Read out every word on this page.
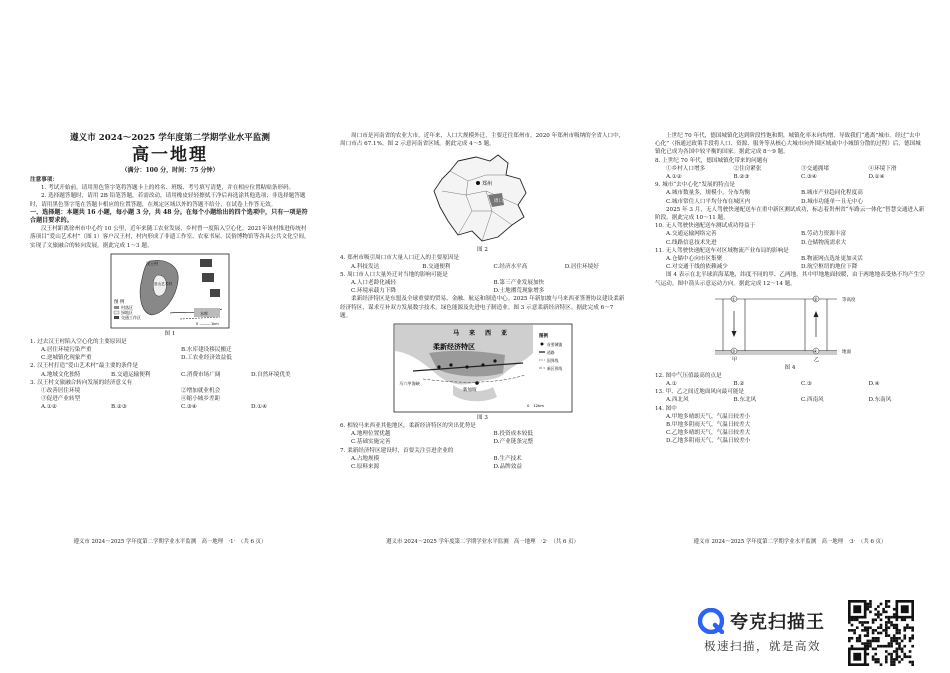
遵义市 2024～2025 学年度第二学期学业水平监测
高一地理
（满分：100 分，时间：75 分钟）

注意事项：

1. 考试开始前，请用黑色签字笔将答题卡上的姓名、班级、考号填写清楚，并在相应位置粘贴条形码。

2. 选择题答题时，请用 2B 铅笔答题，若需改动，请用橡皮轻轻擦拭干净后再选涂其他选项；非选择题答题时，请用黑色签字笔在答题卡相应的位置答题，在规定区域以外的答题不给分，在试卷上作答无效。

一、选择题：本题共 16 小题，每小题 3 分，共 48 分。在每个小题给出的四个选项中，只有一项是符合题目要求的。

汉王村距离徐州市中心约 10 公里，近年来随工农业发展，乡村曾一度陷入空心化。2021年该村推进传统村落项目“爱山艺术村”（图 1）客户汉王村，村内形成了非遗工作室、农家书屋、民俗博物馆等各具公共文化空间，实现了文旅融合的转向发展。据此完成 1～3 题。

图 例
村落区
绿地区
交通工作区
汉王村
水库
爱山艺术村
0 ——— 1km
图 1

1. 过去汉王村陷入空心化的主要原因是

A.居住环境污染严重	B.水库建设移民搬迁
C.逆城镇化现象严重	D.工农业经济效益低

2. 汉王村打造“爱山艺术村”最主要的条件是

A.地域文化独特	B.交通运输便利	C.消费市场广阔	D.自然环境优美

3. 汉王村文旅融合转向发展的经济意义有

①改善居住环境	②增加就业机会
③促进产业转型	④缩小城乡差距
A.①②	B.②③	C.③④	D.①④
遵义市 2024～2025 学年度第二学期学业水平监测　高一地理　·1·　（共 6 页）

周口市是河南省的农业大市，近年来，人口大规模外迁，主要迁往郑州市。2020 年郑州市吸纳的全省人口中，周口市占 67.1%。图 2 示意河南省区域。据此完成 4～5 题。

郑州
周口
图 2

4. 郑州市吸引周口市大量人口迁入的主要原因是

A.科技发达	B.交通便利	C.经济水平高	D.居住环境好

5. 周口市人口大量外迁对当地的影响可能是

A.人口老龄化减轻	B.第三产业发展加快
C.环境承载力下降	D.土地撂荒现象增多

柔新经济特区是东盟及全球重要的贸易、金融、航运和制造中心。2025 年新加坡与马来西亚签署协议建设柔新经济特区，谋求互补双方发展数字技术，绿色能源及先进电子制造业。图 3 示意柔新经济特区。据此完成 6～7 题。

马 来 西 亚
柔新经济特区
马六甲海峡
新加坡
图例
首要城镇
道路
国界线
新区界线
0　12km
图 3

6. 相较马来西亚其他地区，柔新经济特区的突出优势是

A.地理位置优越	B.投资成本较低
C.基础实施完善	D.产业链条完整

7. 柔新经济特区建设时，首要关注引进企业的

A.占地规模	B.生产技术
C.原料来源	D.品牌效益
遵义市 2024～2025 学年度第二学期学业水平监测　高一地理　·2·　（共 6 页）

上世纪 70 年代，德国城镇化达到阶段性饱和期，城镇化率未向均增，导致我们“逃离”城市。经过“去中心化”（指通过政策手段将人口、资源、服务等从核心大城市向外围区域或中小城镇分散的过程）后，德国城镇化已成为各国中较平衡的国家。据此完成 8～9 题。

8. 上世纪 70 年代，德国城镇化带来的问题有

①乡村人口增多	②住房紧张	③交通拥堵	④环境下滑
A.①②	B.②③	C.③④	D.①④

9. 城市“去中心化”发展的特点是

A.城市数量多，规模小，分布均衡	B.城市产业趋同化程度高
C.城市常住人口平均分布在城区内	D.城市功能单一且无中心

2025 年 3 月，无人驾驶快递配送车在重中新区测试成功，标志着贵州省“车路云一体化”智慧交通进入新阶段。据此完成 10～11 题。

10. 无人驾驶快递配送车测试成功得益于

A.交通运输网络完善	B.劳动力资源丰富
C.线路信息技术先进	D.仓储物流需求大

11. 无人驾驶快递配送车对区域物流产业布局的影响是

A.仓储中心向市区集聚	B.物流网点选址更加灵活
C.对交通干线的依赖减少	D.航空枢纽的地位下降

图 4 表示在北半球滨海某地，纬度不同的甲、乙两地，其中甲地地面较暖，由于两地地表受热不均产生空气运动。图中箭头示意运动方向。据此完成 12～14 题。

①	②
③	④
甲	乙
等高度
地面
图 4

12. 图中气压值最高的点是

A.①	B.②	C.③	D.④

13. 甲、乙之间近地面风向最可能是

A.西北风	B.东北风	C.西南风	D.东南风

14. 图中

A.甲地多晴朗天气，气温日较差小

B.甲地多阴雨天气，气温日较差大

C.乙地多晴朗天气，气温日较差大

D.乙地多阴雨天气，气温日较差小

遵义市 2024～2025 学年度第二学期学业水平监测　高一地理　·3·　（共 6 页）
夸克扫描王
极速扫描，就是高效
